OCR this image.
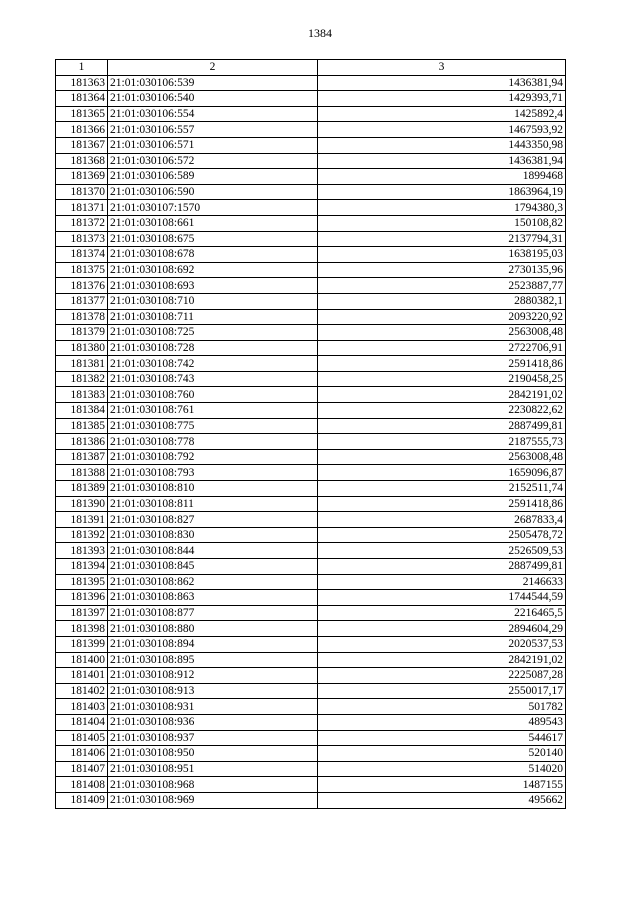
1384
1	2	3
181363	21:01:030106:539	1436381,94
181364	21:01:030106:540	1429393,71
181365	21:01:030106:554	1425892,4
181366	21:01:030106:557	1467593,92
181367	21:01:030106:571	1443350,98
181368	21:01:030106:572	1436381,94
181369	21:01:030106:589	1899468
181370	21:01:030106:590	1863964,19
181371	21:01:030107:1570	1794380,3
181372	21:01:030108:661	150108,82
181373	21:01:030108:675	2137794,31
181374	21:01:030108:678	1638195,03
181375	21:01:030108:692	2730135,96
181376	21:01:030108:693	2523887,77
181377	21:01:030108:710	2880382,1
181378	21:01:030108:711	2093220,92
181379	21:01:030108:725	2563008,48
181380	21:01:030108:728	2722706,91
181381	21:01:030108:742	2591418,86
181382	21:01:030108:743	2190458,25
181383	21:01:030108:760	2842191,02
181384	21:01:030108:761	2230822,62
181385	21:01:030108:775	2887499,81
181386	21:01:030108:778	2187555,73
181387	21:01:030108:792	2563008,48
181388	21:01:030108:793	1659096,87
181389	21:01:030108:810	2152511,74
181390	21:01:030108:811	2591418,86
181391	21:01:030108:827	2687833,4
181392	21:01:030108:830	2505478,72
181393	21:01:030108:844	2526509,53
181394	21:01:030108:845	2887499,81
181395	21:01:030108:862	2146633
181396	21:01:030108:863	1744544,59
181397	21:01:030108:877	2216465,5
181398	21:01:030108:880	2894604,29
181399	21:01:030108:894	2020537,53
181400	21:01:030108:895	2842191,02
181401	21:01:030108:912	2225087,28
181402	21:01:030108:913	2550017,17
181403	21:01:030108:931	501782
181404	21:01:030108:936	489543
181405	21:01:030108:937	544617
181406	21:01:030108:950	520140
181407	21:01:030108:951	514020
181408	21:01:030108:968	1487155
181409	21:01:030108:969	495662
